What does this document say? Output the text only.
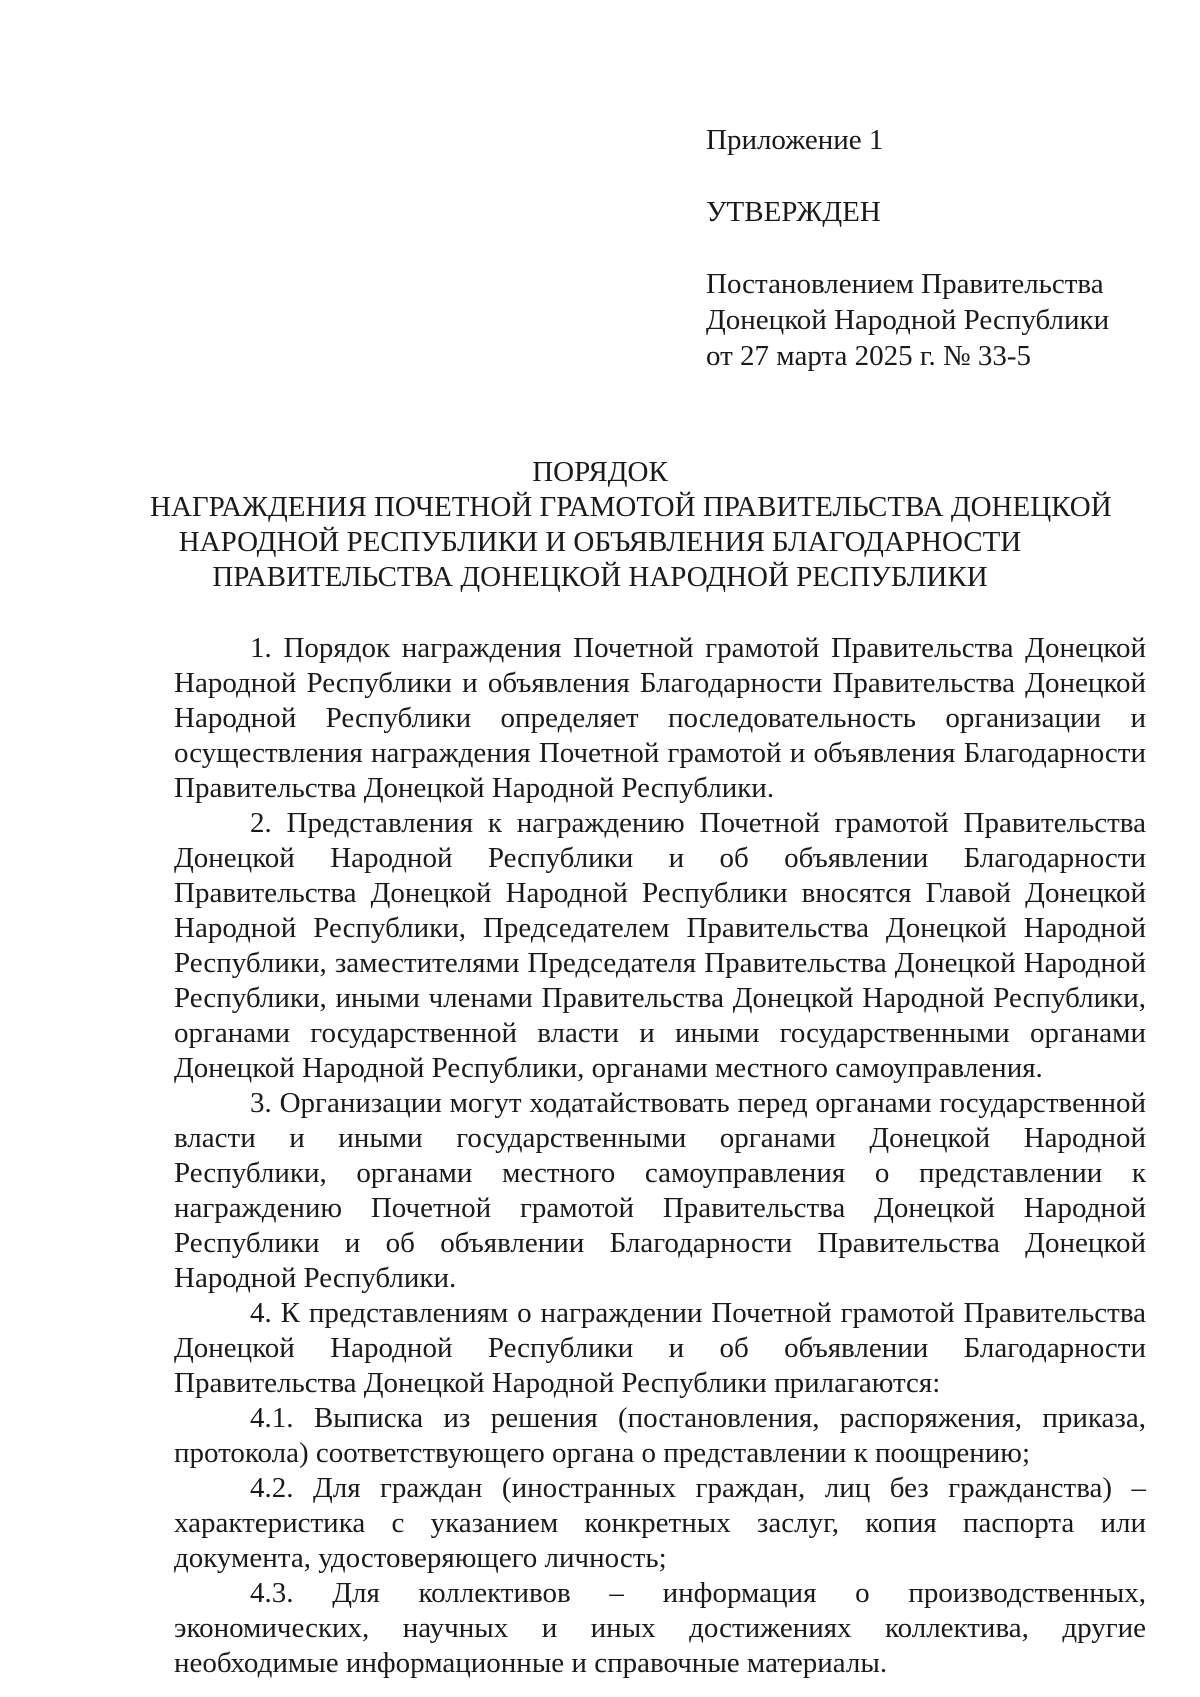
Приложение 1
УТВЕРЖДЕН
Постановлением Правительства
Донецкой Народной Республики
от 27 марта 2025 г. № 33-5
ПОРЯДОК
НАГРАЖДЕНИЯ ПОЧЕТНОЙ ГРАМОТОЙ ПРАВИТЕЛЬСТВА ДОНЕЦКОЙ
НАРОДНОЙ РЕСПУБЛИКИ И ОБЪЯВЛЕНИЯ БЛАГОДАРНОСТИ
ПРАВИТЕЛЬСТВА ДОНЕЦКОЙ НАРОДНОЙ РЕСПУБЛИКИ

1. Порядок награждения Почетной грамотой Правительства Донецкой Народной Республики и объявления Благодарности Правительства Донецкой Народной Республики определяет последовательность организации и осуществления награждения Почетной грамотой и объявления Благодарности Правительства Донецкой Народной Республики.

2. Представления к награждению Почетной грамотой Правительства Донецкой Народной Республики и об объявлении Благодарности Правительства Донецкой Народной Республики вносятся Главой Донецкой Народной Республики, Председателем Правительства Донецкой Народной Республики, заместителями Председателя Правительства Донецкой Народной Республики, иными членами Правительства Донецкой Народной Республики, органами государственной власти и иными государственными органами Донецкой Народной Республики, органами местного самоуправления.

3. Организации могут ходатайствовать перед органами государственной власти и иными государственными органами Донецкой Народной Республики, органами местного самоуправления о представлении к награждению Почетной грамотой Правительства Донецкой Народной Республики и об объявлении Благодарности Правительства Донецкой Народной Республики.

4. К представлениям о награждении Почетной грамотой Правительства Донецкой Народной Республики и об объявлении Благодарности Правительства Донецкой Народной Республики прилагаются:

4.1. Выписка из решения (постановления, распоряжения, приказа, протокола) соответствующего органа о представлении к поощрению;

4.2. Для граждан (иностранных граждан, лиц без гражданства) – характеристика с указанием конкретных заслуг, копия паспорта или документа, удостоверяющего личность;

4.3. Для коллективов – информация о производственных, экономических, научных и иных достижениях коллектива, другие необходимые информационные и справочные материалы.
